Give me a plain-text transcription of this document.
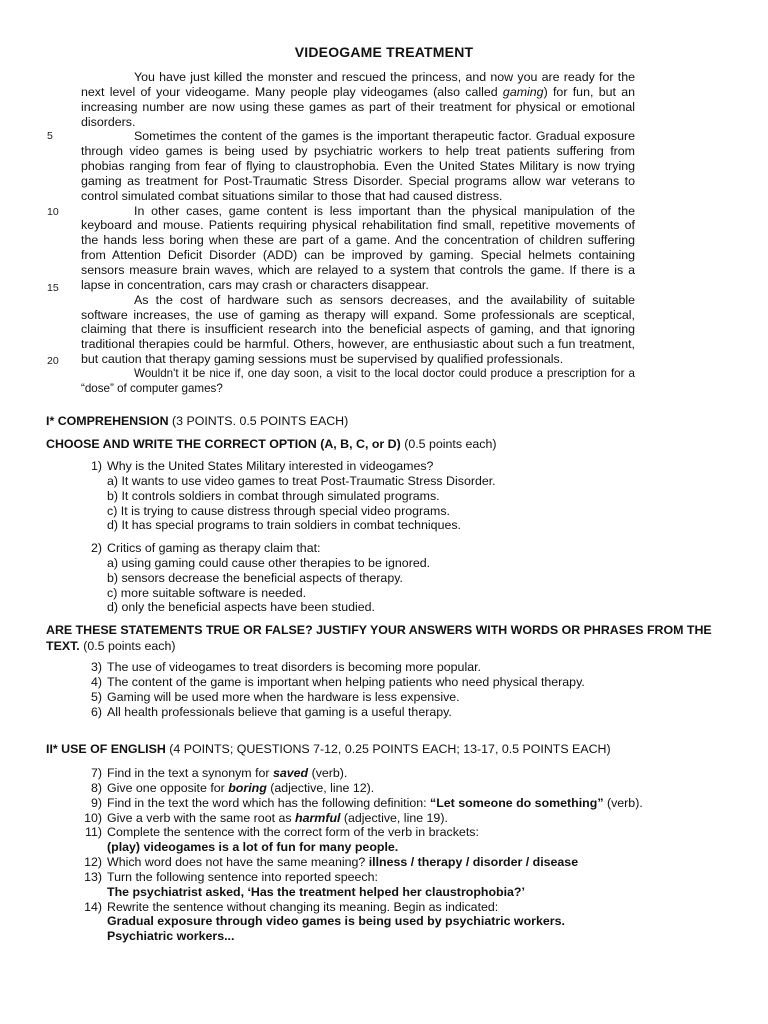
VIDEOGAME TREATMENT
5
10
15
20

You have just killed the monster and rescued the princess, and now you are ready for the next level of your videogame. Many people play videogames (also called gaming) for fun, but an increasing number are now using these games as part of their treatment for physical or emotional disorders.

Sometimes the content of the games is the important therapeutic factor. Gradual exposure through video games is being used by psychiatric workers to help treat patients suffering from phobias ranging from fear of flying to claustrophobia. Even the United States Military is now trying gaming as treatment for Post-Traumatic Stress Disorder. Special programs allow war veterans to control simulated combat situations similar to those that had caused distress.

In other cases, game content is less important than the physical manipulation of the keyboard and mouse. Patients requiring physical rehabilitation find small, repetitive movements of the hands less boring when these are part of a game. And the concentration of children suffering from Attention Deficit Disorder (ADD) can be improved by gaming. Special helmets containing sensors measure brain waves, which are relayed to a system that controls the game. If there is a lapse in concentration, cars may crash or characters disappear.

As the cost of hardware such as sensors decreases, and the availability of suitable software increases, the use of gaming as therapy will expand. Some professionals are sceptical, claiming that there is insufficient research into the beneficial aspects of gaming, and that ignoring traditional therapies could be harmful. Others, however, are enthusiastic about such a fun treatment, but caution that therapy gaming sessions must be supervised by qualified professionals.

Wouldn't it be nice if, one day soon, a visit to the local doctor could produce a prescription for a “dose” of computer games?

I* COMPREHENSION (3 POINTS. 0.5 POINTS EACH)
CHOOSE AND WRITE THE CORRECT OPTION (A, B, C, or D) (0.5 points each)
1) Why is the United States Military interested in videogames?
a) It wants to use video games to treat Post-Traumatic Stress Disorder.
b) It controls soldiers in combat through simulated programs.
c) It is trying to cause distress through special video programs.
d) It has special programs to train soldiers in combat techniques.
2) Critics of gaming as therapy claim that:
a) using gaming could cause other therapies to be ignored.
b) sensors decrease the beneficial aspects of therapy.
c) more suitable software is needed.
d) only the beneficial aspects have been studied.
ARE THESE STATEMENTS TRUE OR FALSE? JUSTIFY YOUR ANSWERS WITH WORDS OR PHRASES FROM THE TEXT. (0.5 points each)
3) The use of videogames to treat disorders is becoming more popular.
4) The content of the game is important when helping patients who need physical therapy.
5) Gaming will be used more when the hardware is less expensive.
6) All health professionals believe that gaming is a useful therapy.
II* USE OF ENGLISH (4 POINTS; QUESTIONS 7-12, 0.25 POINTS EACH; 13-17, 0.5 POINTS EACH)
7) Find in the text a synonym for saved (verb).
8) Give one opposite for boring (adjective, line 12).
9) Find in the text the word which has the following definition: “Let someone do something” (verb).
10) Give a verb with the same root as harmful (adjective, line 19).
11) Complete the sentence with the correct form of the verb in brackets:
(play) videogames is a lot of fun for many people.
12) Which word does not have the same meaning? illness / therapy / disorder / disease
13) Turn the following sentence into reported speech:
The psychiatrist asked, ‘Has the treatment helped her claustrophobia?’
14) Rewrite the sentence without changing its meaning. Begin as indicated:
Gradual exposure through video games is being used by psychiatric workers.
Psychiatric workers...
